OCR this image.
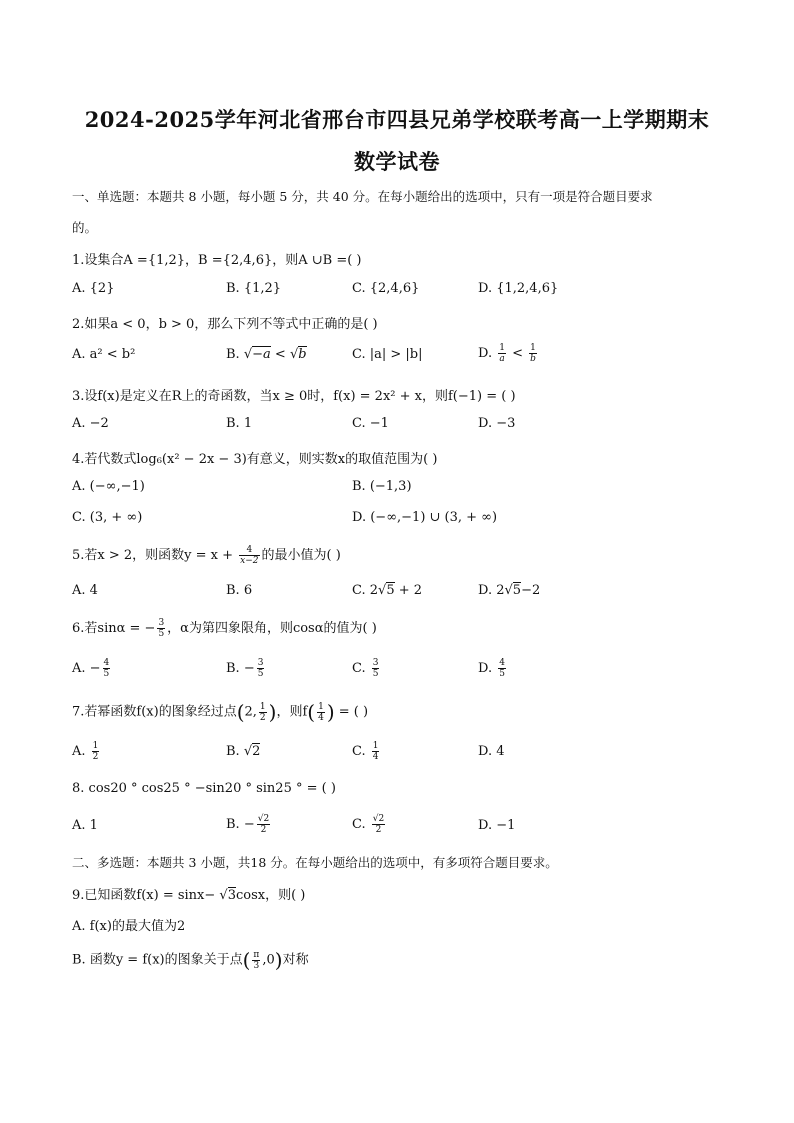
2024-2025学年河北省邢台市四县兄弟学校联考高一上学期期末
数学试卷
一、单选题：本题共 8 小题，每小题 5 分，共 40 分。在每小题给出的选项中，只有一项是符合题目要求
的。
1.设集合A ={1,2}，B ={2,4,6}，则A ∪B =( )
A. {2}	B. {1,2}	C. {2,4,6}	D. {1,2,4,6}
2.如果a < 0，b > 0，那么下列不等式中正确的是( )
A. a² < b²	B. √−a < √b	C. |a| > |b|	D. $\frac{1}{a} < \frac{1}{b}$
3.设f(x)是定义在R上的奇函数，当x ≥ 0时，f(x) = 2x² + x，则f(−1) = ( )
A. −2	B. 1	C. −1	D. −3
4.若代数式log₆(x² − 2x − 3)有意义，则实数x的取值范围为( )
A. (−∞,−1)	B. (−1,3)
C. (3, + ∞)	D. (−∞,−1) ∪ (3, + ∞)
5.若x > 2，则函数$y = x + \frac{4}{x-2}$ 的最小值为( )
A. 4	B. 6	C. 2√5 + 2	D. 2√5−2
6.若sinα = − $\frac{3}{5}$ ，α为第四象限角，则cosα的值为( )
A. − $\frac{4}{5}$	B. − $\frac{3}{5}$	C. $\frac{3}{5}$	D. $\frac{4}{5}$
7.若幂函数f(x)的图象经过点(2, $\frac{1}{2}$ )，则$f( \frac{1}{4}$ ) = ( )
A. $\frac{1}{2}$	B. √2	C. $\frac{1}{4}$	D. 4
8. cos20 ° cos25 ° −sin20 ° sin25 ° = ( )
A. 1	B. − $\frac{√2}{2}$	C. $\frac{√2}{2}$	D. −1
二、多选题：本题共 3 小题，共18 分。在每小题给出的选项中，有多项符合题目要求。
9.已知函数f(x) = sinx− √3cosx，则( )
A. f(x)的最大值为2
B. 函数y = f(x)的图象关于点( $\frac{\pi}{3} ,0$)对称
